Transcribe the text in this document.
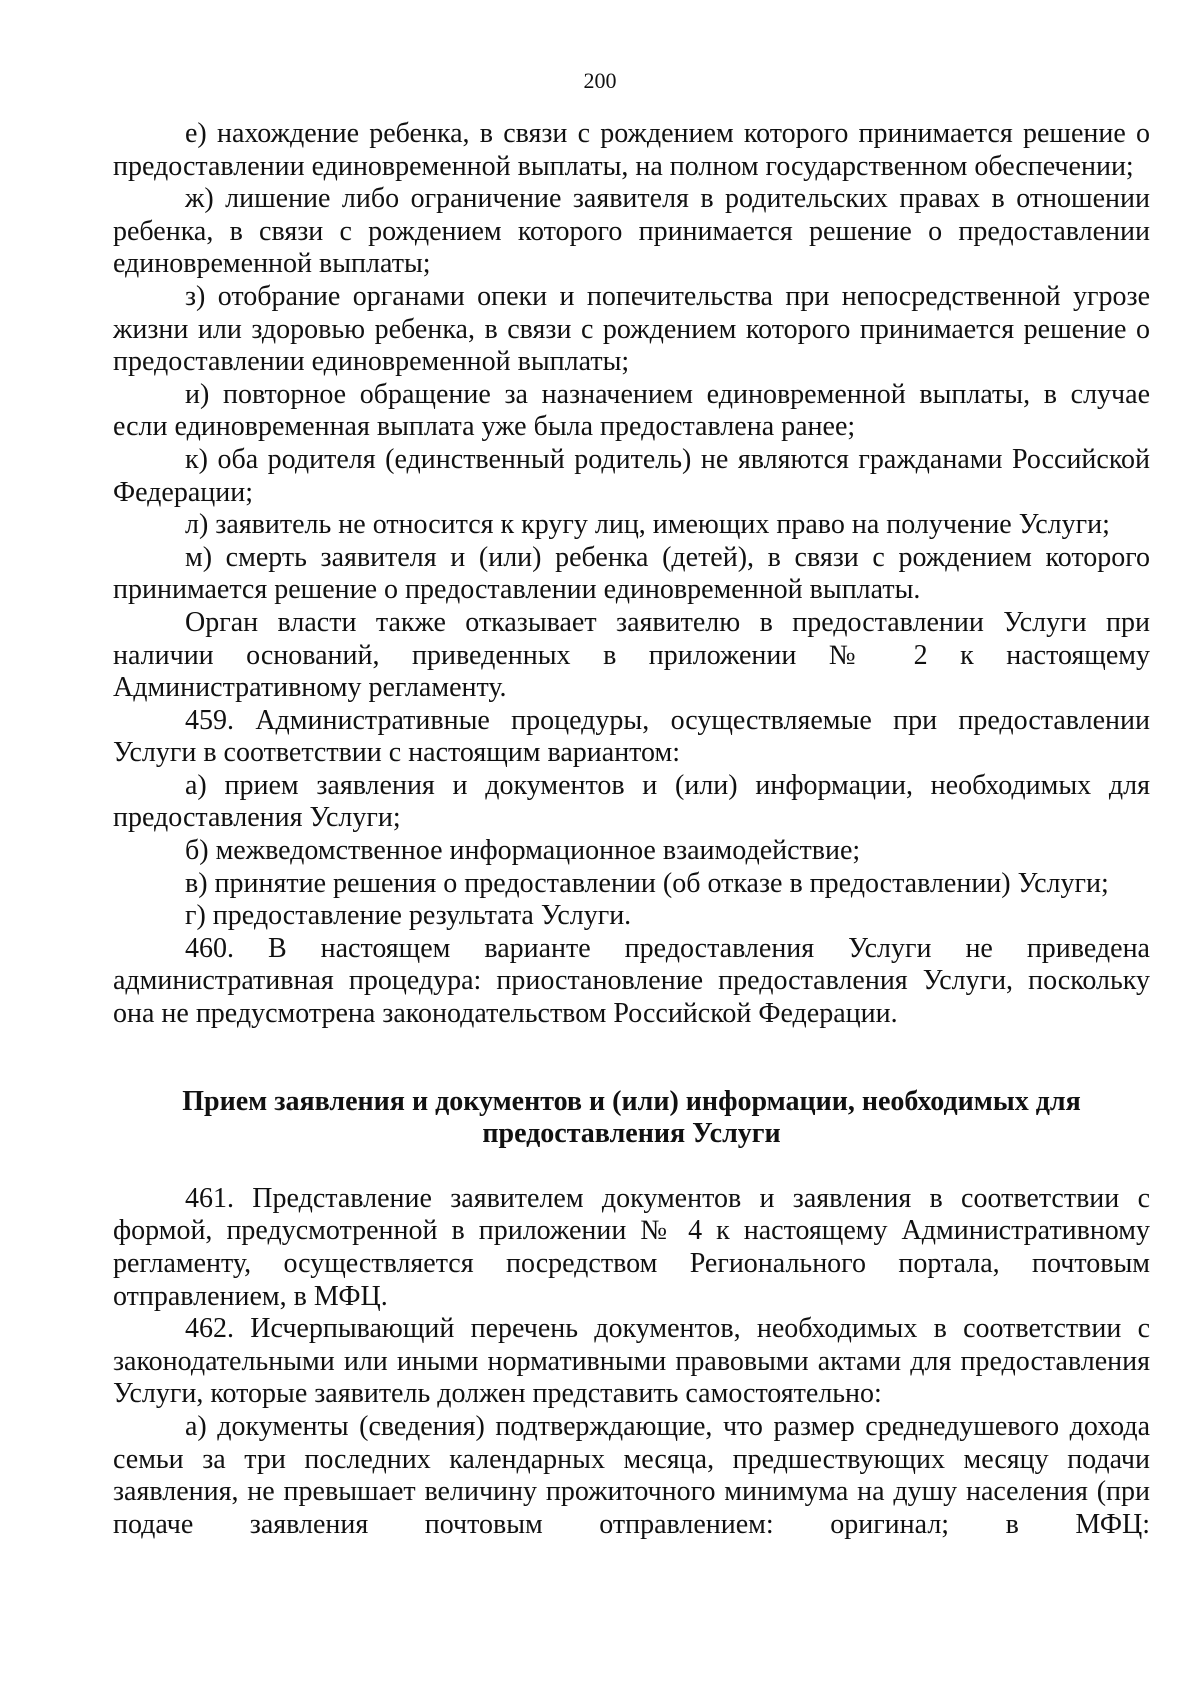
200

е) нахождение ребенка, в связи с рождением которого принимается решение о предоставлении единовременной выплаты, на полном государственном обеспечении;

ж) лишение либо ограничение заявителя в родительских правах в отношении ребенка, в связи с рождением которого принимается решение о предоставлении единовременной выплаты;

з) отобрание органами опеки и попечительства при непосредственной угрозе жизни или здоровью ребенка, в связи с рождением которого принимается решение о предоставлении единовременной выплаты;

и) повторное обращение за назначением единовременной выплаты, в случае если единовременная выплата уже была предоставлена ранее;

к) оба родителя (единственный родитель) не являются гражданами Российской Федерации;

л) заявитель не относится к кругу лиц, имеющих право на получение Услуги;

м) смерть заявителя и (или) ребенка (детей), в связи с рождением которого принимается решение о предоставлении единовременной выплаты.

Орган власти также отказывает заявителю в предоставлении Услуги при наличии оснований, приведенных в приложении № 2 к настоящему Административному регламенту.

459. Административные процедуры, осуществляемые при предоставлении Услуги в соответствии с настоящим вариантом:

а) прием заявления и документов и (или) информации, необходимых для предоставления Услуги;

б) межведомственное информационное взаимодействие;

в) принятие решения о предоставлении (об отказе в предоставлении) Услуги;

г) предоставление результата Услуги.

460. В настоящем варианте предоставления Услуги не приведена административная процедура: приостановление предоставления Услуги, поскольку она не предусмотрена законодательством Российской Федерации.

Прием заявления и документов и (или) информации, необходимых для предоставления Услуги

461. Представление заявителем документов и заявления в соответствии с формой, предусмотренной в приложении № 4 к настоящему Административному регламенту, осуществляется посредством Регионального портала, почтовым отправлением, в МФЦ.

462. Исчерпывающий перечень документов, необходимых в соответствии с законодательными или иными нормативными правовыми актами для предоставления Услуги, которые заявитель должен представить самостоятельно:

а) документы (сведения) подтверждающие, что размер среднедушевого дохода семьи за три последних календарных месяца, предшествующих месяцу подачи заявления, не превышает величину прожиточного минимума на душу населения (при подаче заявления почтовым отправлением: оригинал; в МФЦ:
